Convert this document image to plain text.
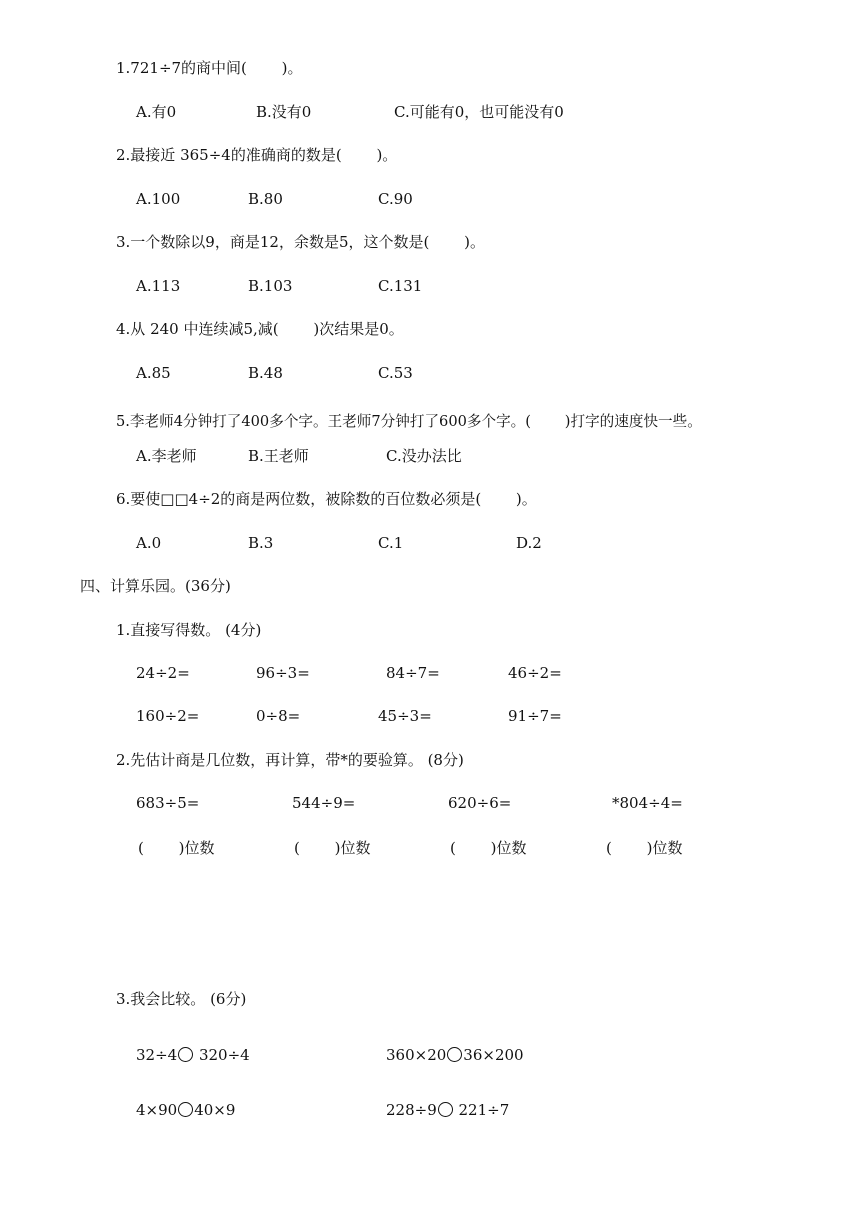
1.721÷7的商中间(　　 )。
A.有0	B.没有0	C.可能有0，也可能没有0
2.最接近 365÷4的准确商的数是(　　 )。
A.100	B.80	C.90
3.一个数除以9，商是12，余数是5，这个数是(　　 )。
A.113	B.103	C.131
4.从 240 中连续减5,减(　　 )次结果是0。
A.85	B.48	C.53
5.李老师4分钟打了400多个字。王老师7分钟打了600多个字。(　　 )打字的速度快一些。
A.李老师	B.王老师	C.没办法比
6.要使□□4÷2的商是两位数，被除数的百位数必须是(　　 )。
A.0	B.3	C.1	D.2
四、计算乐园。(36分)
1.直接写得数。 (4分)
24÷2=	96÷3=	84÷7=	46÷2=
160÷2=	0÷8=	45÷3=	91÷7=
2.先估计商是几位数，再计算，带*的要验算。 (8分)
683÷5=	544÷9=	620÷6=	*804÷4=
(　　 )位数	(　　 )位数	(　　 )位数	(　　 )位数
3.我会比较。 (6分)
32÷4 320÷4	360×20 36×200
4×90 40×9	228÷9 221÷7
